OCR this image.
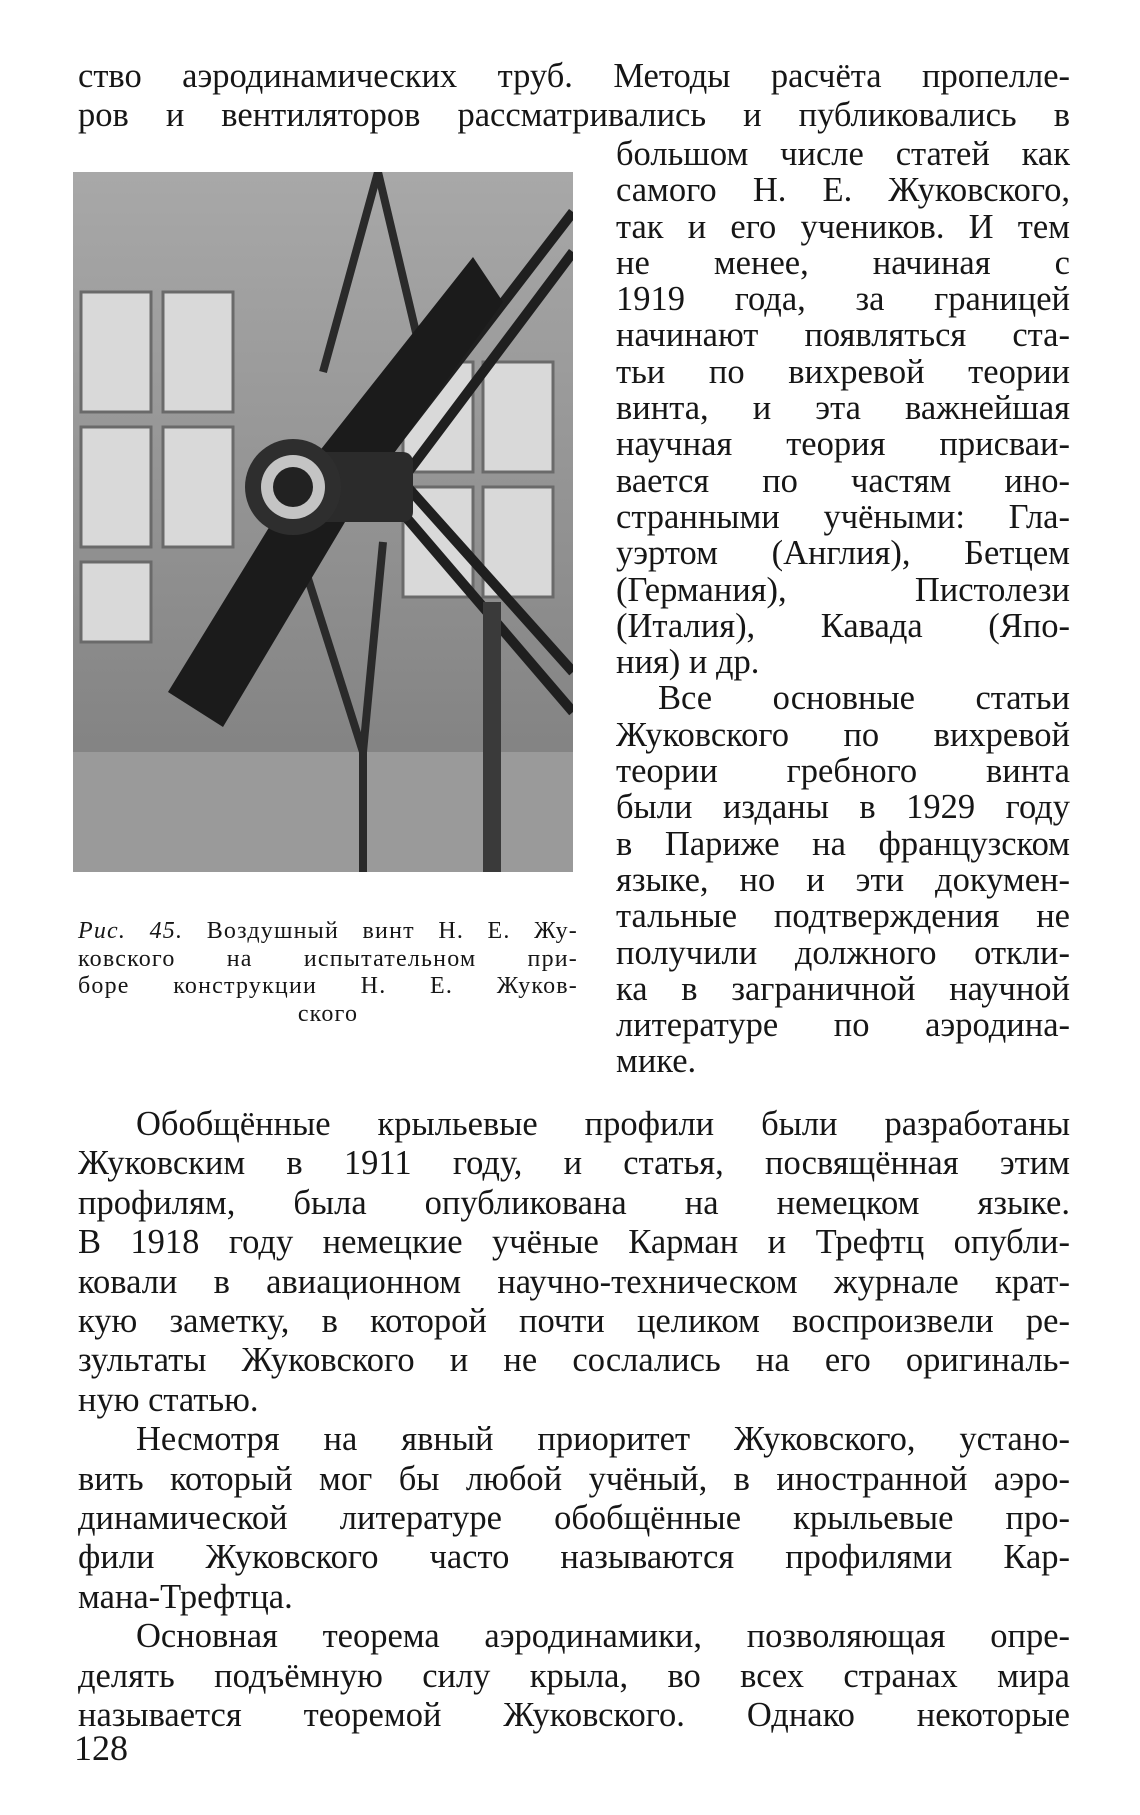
ство аэродинамических труб. Методы расчёта пропелле-
ров и вентиляторов рассматривались и публиковались в
Рис. 45. Воздушный винт Н. Е. Жу-
ковского на испытательном при-
боре конструкции Н. Е. Жуков-
ского
большом числе статей как
самого Н. Е. Жуковского,
так и его учеников. И тем
не менее, начиная с
1919 года, за границей
начинают появляться ста-
тьи по вихревой теории
винта, и эта важнейшая
научная теория присваи-
вается по частям ино-
странными учёными: Гла-
уэртом (Англия), Бетцем
(Германия), Пистолези
(Италия), Кавада (Япо-
ния) и др.
Все основные статьи
Жуковского по вихревой
теории гребного винта
были изданы в 1929 году
в Париже на французском
языке, но и эти докумен-
тальные подтверждения не
получили должного откли-
ка в заграничной научной
литературе по аэродина-
мике.
Обобщённые крыльевые профили были разработаны
Жуковским в 1911 году, и статья, посвящённая этим
профилям, была опубликована на немецком языке.
В 1918 году немецкие учёные Карман и Трефтц опубли-
ковали в авиационном научно-техническом журнале крат-
кую заметку, в которой почти целиком воспроизвели ре-
зультаты Жуковского и не сослались на его оригиналь-
ную статью.
Несмотря на явный приоритет Жуковского, устано-
вить который мог бы любой учёный, в иностранной аэро-
динамической литературе обобщённые крыльевые про-
фили Жуковского часто называются профилями Кар-
мана-Трефтца.
Основная теорема аэродинамики, позволяющая опре-
делять подъёмную силу крыла, во всех странах мира
называется теоремой Жуковского. Однако некоторые
128
